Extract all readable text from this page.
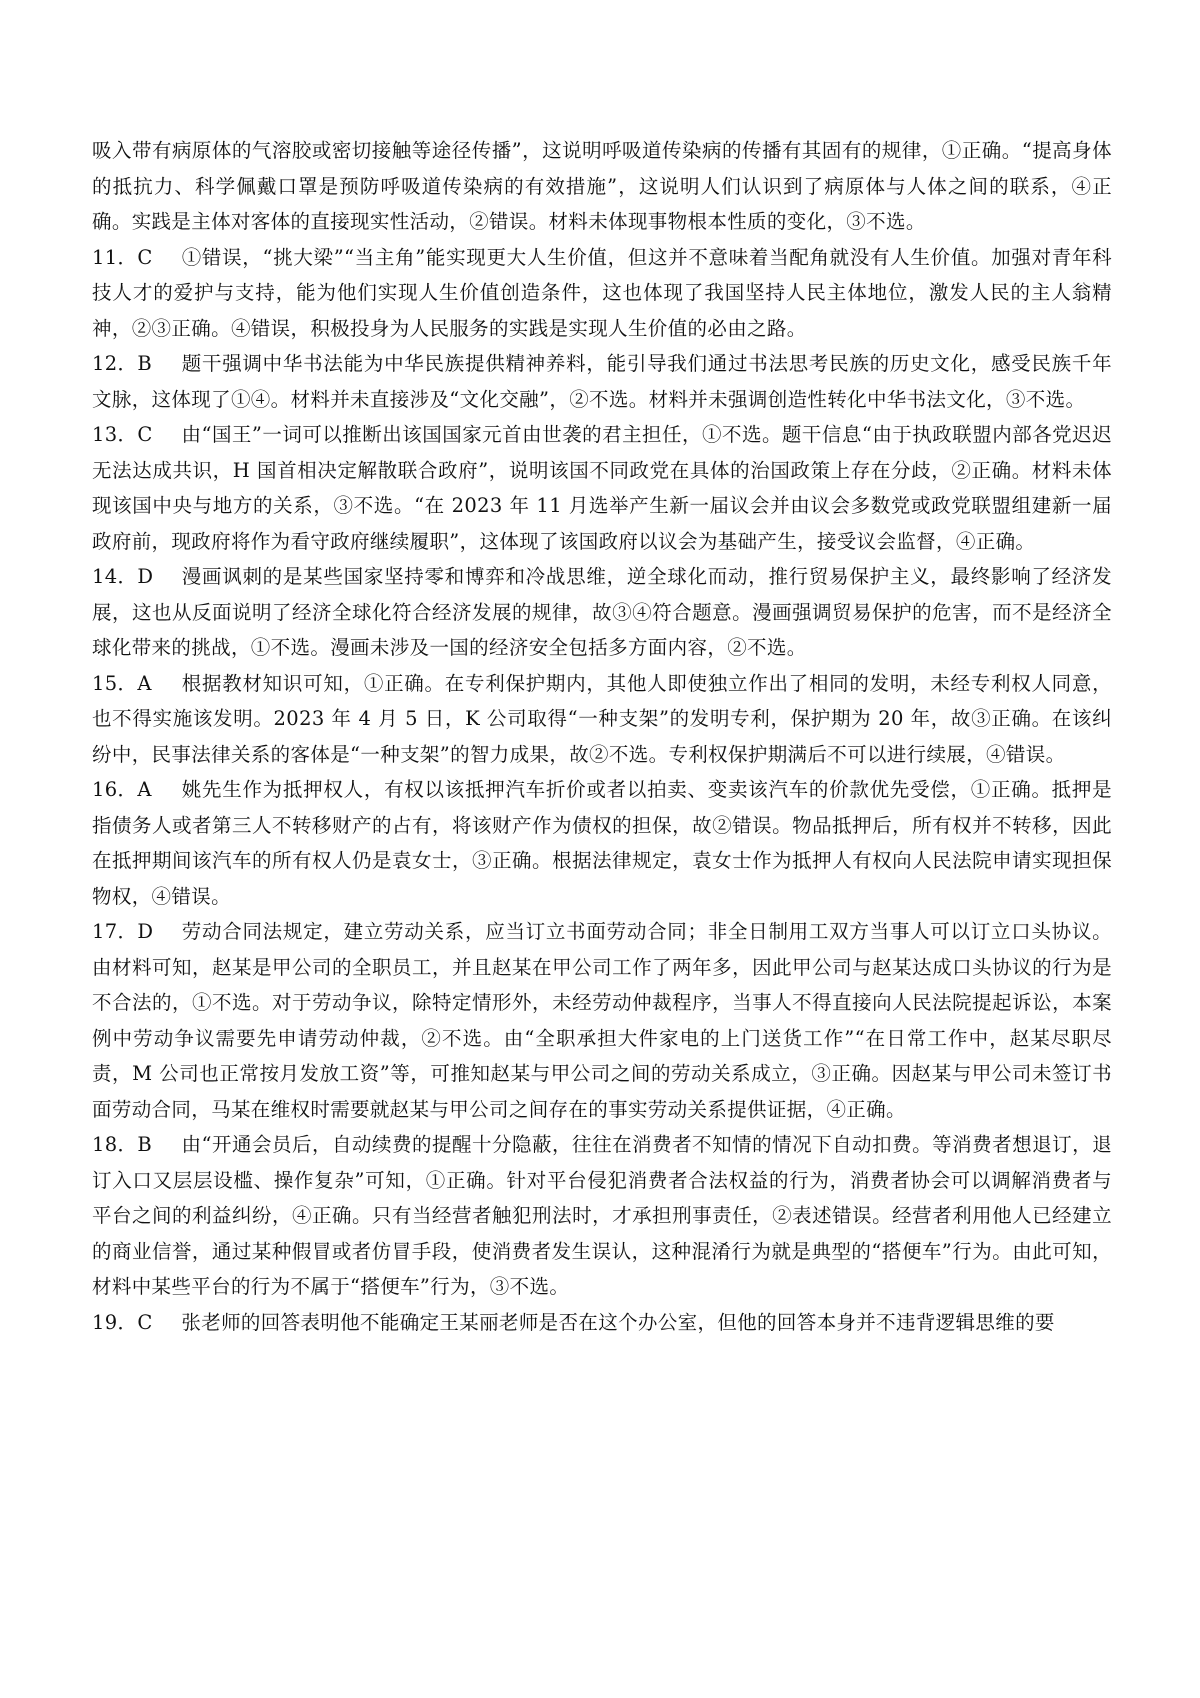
吸入带有病原体的气溶胶或密切接触等途径传播”，这说明呼吸道传染病的传播有其固有的规律，①正确。“提高身体的抵抗力、科学佩戴口罩是预防呼吸道传染病的有效措施”，这说明人们认识到了病原体与人体之间的联系，④正确。实践是主体对客体的直接现实性活动，②错误。材料未体现事物根本性质的变化，③不选。

11．C ①错误，“挑大梁”“当主角”能实现更大人生价值，但这并不意味着当配角就没有人生价值。加强对青年科技人才的爱护与支持，能为他们实现人生价值创造条件，这也体现了我国坚持人民主体地位，激发人民的主人翁精神，②③正确。④错误，积极投身为人民服务的实践是实现人生价值的必由之路。

12．B 题干强调中华书法能为中华民族提供精神养料，能引导我们通过书法思考民族的历史文化，感受民族千年文脉，这体现了①④。材料并未直接涉及“文化交融”，②不选。材料并未强调创造性转化中华书法文化，③不选。

13．C 由“国王”一词可以推断出该国国家元首由世袭的君主担任，①不选。题干信息“由于执政联盟内部各党迟迟无法达成共识，H 国首相决定解散联合政府”，说明该国不同政党在具体的治国政策上存在分歧，②正确。材料未体现该国中央与地方的关系，③不选。“在 2023 年 11 月选举产生新一届议会并由议会多数党或政党联盟组建新一届政府前，现政府将作为看守政府继续履职”，这体现了该国政府以议会为基础产生，接受议会监督，④正确。

14．D 漫画讽刺的是某些国家坚持零和博弈和冷战思维，逆全球化而动，推行贸易保护主义，最终影响了经济发展，这也从反面说明了经济全球化符合经济发展的规律，故③④符合题意。漫画强调贸易保护的危害，而不是经济全球化带来的挑战，①不选。漫画未涉及一国的经济安全包括多方面内容，②不选。

15．A 根据教材知识可知，①正确。在专利保护期内，其他人即使独立作出了相同的发明，未经专利权人同意，也不得实施该发明。2023 年 4 月 5 日，K 公司取得“一种支架”的发明专利，保护期为 20 年，故③正确。在该纠纷中，民事法律关系的客体是“一种支架”的智力成果，故②不选。专利权保护期满后不可以进行续展，④错误。

16．A 姚先生作为抵押权人，有权以该抵押汽车折价或者以拍卖、变卖该汽车的价款优先受偿，①正确。抵押是指债务人或者第三人不转移财产的占有，将该财产作为债权的担保，故②错误。物品抵押后，所有权并不转移，因此在抵押期间该汽车的所有权人仍是袁女士，③正确。根据法律规定，袁女士作为抵押人有权向人民法院申请实现担保物权，④错误。

17．D 劳动合同法规定，建立劳动关系，应当订立书面劳动合同；非全日制用工双方当事人可以订立口头协议。由材料可知，赵某是甲公司的全职员工，并且赵某在甲公司工作了两年多，因此甲公司与赵某达成口头协议的行为是不合法的，①不选。对于劳动争议，除特定情形外，未经劳动仲裁程序，当事人不得直接向人民法院提起诉讼，本案例中劳动争议需要先申请劳动仲裁，②不选。由“全职承担大件家电的上门送货工作”“在日常工作中，赵某尽职尽责，M 公司也正常按月发放工资”等，可推知赵某与甲公司之间的劳动关系成立，③正确。因赵某与甲公司未签订书面劳动合同，马某在维权时需要就赵某与甲公司之间存在的事实劳动关系提供证据，④正确。

18．B 由“开通会员后，自动续费的提醒十分隐蔽，往往在消费者不知情的情况下自动扣费。等消费者想退订，退订入口又层层设槛、操作复杂”可知，①正确。针对平台侵犯消费者合法权益的行为，消费者协会可以调解消费者与平台之间的利益纠纷，④正确。只有当经营者触犯刑法时，才承担刑事责任，②表述错误。经营者利用他人已经建立的商业信誉，通过某种假冒或者仿冒手段，使消费者发生误认，这种混淆行为就是典型的“搭便车”行为。由此可知，材料中某些平台的行为不属于“搭便车”行为，③不选。

19．C 张老师的回答表明他不能确定王某丽老师是否在这个办公室，但他的回答本身并不违背逻辑思维的要
